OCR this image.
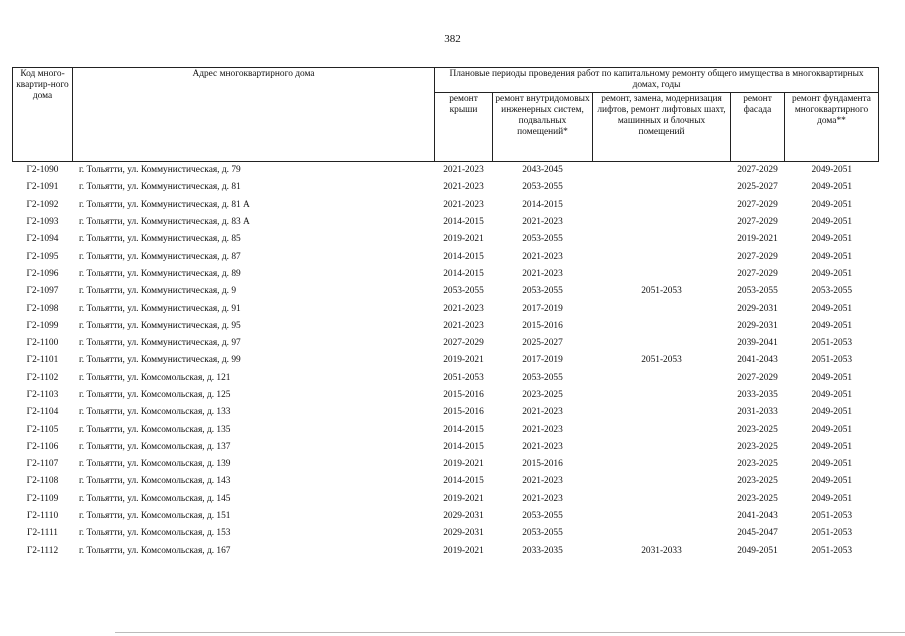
382
Код много-квартир-ного дома	Адрес многоквартирного дома	Плановые периоды проведения работ по капитальному ремонту общего имущества в многоквартирных домах, годы				
		ремонт крыши	ремонт внутридомовых инженерных систем, подвальных помещений*	ремонт, замена, модернизация лифтов, ремонт лифтовых шахт, машинных и блочных помещений	ремонт фасада	ремонт фундамента многоквартирного дома**
Г2-1090	г. Тольятти, ул. Коммунистическая, д. 79	2021-2023	2043-2045		2027-2029	2049-2051
Г2-1091	г. Тольятти, ул. Коммунистическая, д. 81	2021-2023	2053-2055		2025-2027	2049-2051
Г2-1092	г. Тольятти, ул. Коммунистическая, д. 81 А	2021-2023	2014-2015		2027-2029	2049-2051
Г2-1093	г. Тольятти, ул. Коммунистическая, д. 83 А	2014-2015	2021-2023		2027-2029	2049-2051
Г2-1094	г. Тольятти, ул. Коммунистическая, д. 85	2019-2021	2053-2055		2019-2021	2049-2051
Г2-1095	г. Тольятти, ул. Коммунистическая, д. 87	2014-2015	2021-2023		2027-2029	2049-2051
Г2-1096	г. Тольятти, ул. Коммунистическая, д. 89	2014-2015	2021-2023		2027-2029	2049-2051
Г2-1097	г. Тольятти, ул. Коммунистическая, д. 9	2053-2055	2053-2055	2051-2053	2053-2055	2053-2055
Г2-1098	г. Тольятти, ул. Коммунистическая, д. 91	2021-2023	2017-2019		2029-2031	2049-2051
Г2-1099	г. Тольятти, ул. Коммунистическая, д. 95	2021-2023	2015-2016		2029-2031	2049-2051
Г2-1100	г. Тольятти, ул. Коммунистическая, д. 97	2027-2029	2025-2027		2039-2041	2051-2053
Г2-1101	г. Тольятти, ул. Коммунистическая, д. 99	2019-2021	2017-2019	2051-2053	2041-2043	2051-2053
Г2-1102	г. Тольятти, ул. Комсомольская, д. 121	2051-2053	2053-2055		2027-2029	2049-2051
Г2-1103	г. Тольятти, ул. Комсомольская, д. 125	2015-2016	2023-2025		2033-2035	2049-2051
Г2-1104	г. Тольятти, ул. Комсомольская, д. 133	2015-2016	2021-2023		2031-2033	2049-2051
Г2-1105	г. Тольятти, ул. Комсомольская, д. 135	2014-2015	2021-2023		2023-2025	2049-2051
Г2-1106	г. Тольятти, ул. Комсомольская, д. 137	2014-2015	2021-2023		2023-2025	2049-2051
Г2-1107	г. Тольятти, ул. Комсомольская, д. 139	2019-2021	2015-2016		2023-2025	2049-2051
Г2-1108	г. Тольятти, ул. Комсомольская, д. 143	2014-2015	2021-2023		2023-2025	2049-2051
Г2-1109	г. Тольятти, ул. Комсомольская, д. 145	2019-2021	2021-2023		2023-2025	2049-2051
Г2-1110	г. Тольятти, ул. Комсомольская, д. 151	2029-2031	2053-2055		2041-2043	2051-2053
Г2-1111	г. Тольятти, ул. Комсомольская, д. 153	2029-2031	2053-2055		2045-2047	2051-2053
Г2-1112	г. Тольятти, ул. Комсомольская, д. 167	2019-2021	2033-2035	2031-2033	2049-2051	2051-2053
